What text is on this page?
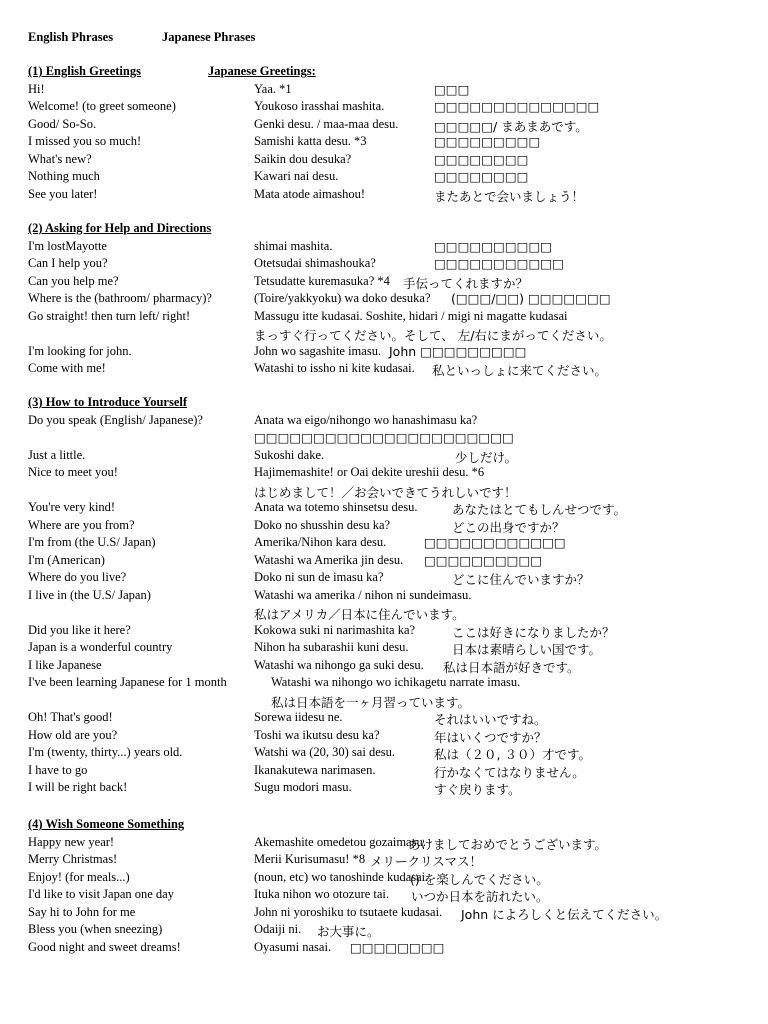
English Phrases	Japanese Phrases
(1) English Greetings	Japanese Greetings:
Hi!	Yaa. *1	□□□
Welcome! (to greet someone)	Youkoso irasshai mashita.	□□□□□□□□□□□□□□
Good/ So-So.	Genki desu. / maa-maa desu.	□□□□□/ まあまあです。
I missed you so much!	Samishi katta desu. *3	□□□□□□□□□
What's new?	Saikin dou desuka?	□□□□□□□□
Nothing much	Kawari nai desu.	□□□□□□□□
See you later!	Mata atode aimashou!	またあとで会いましょう！
(2) Asking for Help and Directions
I'm lostMayotte	shimai mashita.	□□□□□□□□□□
Can I help you?	Otetsudai shimashouka?	□□□□□□□□□□□
Can you help me?	Tetsudatte kuremasuka? *4 手伝ってくれますか？
Where is the (bathroom/ pharmacy)?	(Toire/yakkyoku) wa doko desuka? (□□□/□□) □□□□□□□
Go straight! then turn left/ right!	Massugu itte kudasai. Soshite, hidari / migi ni magatte kudasai
まっすぐ行ってください。そして、 左/右にまがってください。
I'm looking for john.	John wo sagashite imasu. John □□□□□□□□□
Come with me!	Watashi to issho ni kite kudasai. 私といっしょに来てください。
(3) How to Introduce Yourself
Do you speak (English/ Japanese)?	Anata wa eigo/nihongo wo hanashimasu ka?
□□□□□□□□□□□□□□□□□□□□□□
Just a little.	Sukoshi dake.	少しだけ。
Nice to meet you!	Hajimemashite! or Oai dekite ureshii desu. *6
はじめまして！／お会いできてうれしいです！
You're very kind!	Anata wa totemo shinsetsu desu.	あなたはとてもしんせつです。
Where are you from?	Doko no shusshin desu ka?	どこの出身ですか？
I'm from (the U.S/ Japan)	Amerika/Nihon kara desu.	□□□□□□□□□□□□
I'm (American)	Watashi wa Amerika jin desu. □□□□□□□□□□
Where do you live?	Doko ni sun de imasu ka?	どこに住んでいますか？
I live in (the U.S/ Japan)	Watashi wa amerika / nihon ni sundeimasu.
私はアメリカ／日本に住んでいます。
Did you like it here?	Kokowa suki ni narimashita ka?	ここは好きになりましたか？
Japan is a wonderful country	Nihon ha subarashii kuni desu.	日本は素晴らしい国です。
I like Japanese	Watashi wa nihongo ga suki desu. 私は日本語が好きです。
I've been learning Japanese for 1 month	Watashi wa nihongo wo ichikagetu narrate imasu.
私は日本語を一ヶ月習っています。
Oh! That's good!	Sorewa iidesu ne.	それはいいですね。
How old are you?	Toshi wa ikutsu desu ka?	年はいくつですか？
I'm (twenty, thirty...) years old.	Watshi wa (20, 30) sai desu.	私は（２０, ３０）才です。
I have to go	Ikanakutewa narimasen.	行かなくてはなりません。
I will be right back!	Sugu modori masu.	すぐ戻ります。
(4) Wish Someone Something
Happy new year!	Akemashite omedetou gozaimasu.
あけましておめでとうございます。
Merry Christmas!	Merii Kurisumasu! *8 メリークリスマス！
Enjoy! (for meals...)	(noun, etc) wo tanoshinde kudasai.
() を楽しんでください。
I'd like to visit Japan one day	Ituka nihon wo otozure tai. いつか日本を訪れたい。
Say hi to John for me	John ni yoroshiku to tsutaete kudasai. John によろしくと伝えてください。
Bless you (when sneezing)	Odaiji ni. お大事に。
Good night and sweet dreams!	Oyasumi nasai. □□□□□□□□
